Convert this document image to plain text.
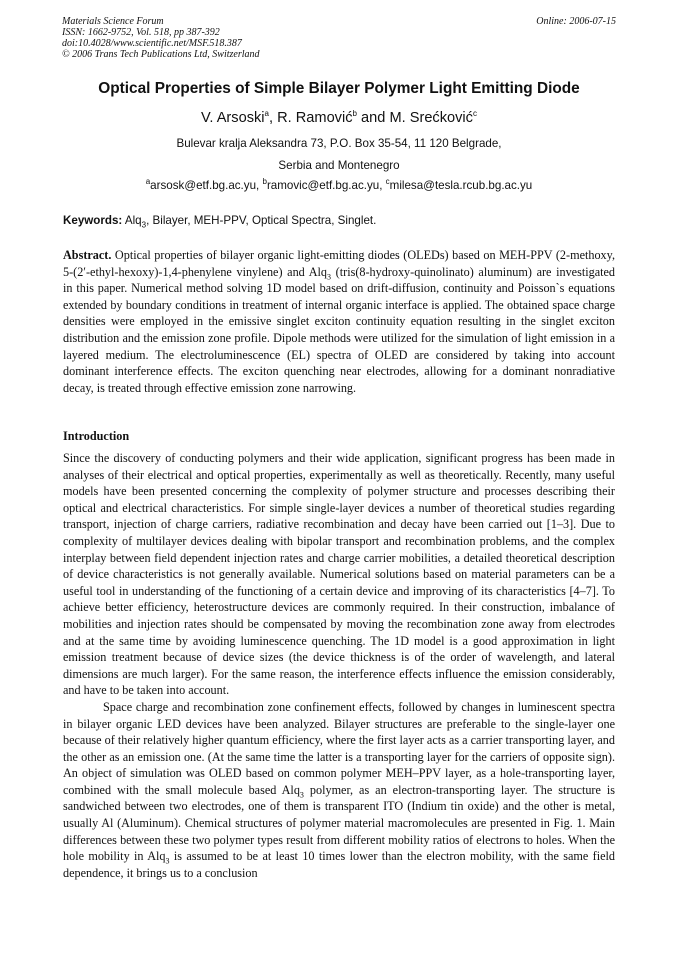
Materials Science Forum
ISSN: 1662-9752, Vol. 518, pp 387-392
doi:10.4028/www.scientific.net/MSF.518.387
© 2006 Trans Tech Publications Ltd, Switzerland
Online: 2006-07-15
Optical Properties of Simple Bilayer Polymer Light Emitting Diode
V. Arsoski$^a$, R. Ramović$^b$ and M. Srećković$^c$
Bulevar kralja Aleksandra 73, P.O. Box 35-54, 11 120 Belgrade,
Serbia and Montenegro
$^a$arsosk@etf.bg.ac.yu, $^b$ramovic@etf.bg.ac.yu, $^c$milesa@tesla.rcub.bg.ac.yu
Keywords: Alq$_3$, Bilayer, MEH-PPV, Optical Spectra, Singlet.
Abstract. Optical properties of bilayer organic light-emitting diodes (OLEDs) based on MEH-PPV (2-methoxy, 5-(2′-ethyl-hexoxy)-1,4-phenylene vinylene) and Alq$_3$ (tris(8-hydroxy-quinolinato) aluminum) are investigated in this paper. Numerical method solving 1D model based on drift-diffusion, continuity and Poisson`s equations extended by boundary conditions in treatment of internal organic interface is applied. The obtained space charge densities were employed in the emissive singlet exciton continuity equation resulting in the singlet exciton distribution and the emission zone profile. Dipole methods were utilized for the simulation of light emission in a layered medium. The electroluminescence (EL) spectra of OLED are considered by taking into account dominant interference effects. The exciton quenching near electrodes, allowing for a dominant nonradiative decay, is treated through effective emission zone narrowing.
Introduction

Since the discovery of conducting polymers and their wide application, significant progress has been made in analyses of their electrical and optical properties, experimentally as well as theoretically. Recently, many useful models have been presented concerning the complexity of polymer structure and processes describing their optical and electrical characteristics. For simple single-layer devices a number of theoretical studies regarding transport, injection of charge carriers, radiative recombination and decay have been carried out [1–3]. Due to complexity of multilayer devices dealing with bipolar transport and recombination problems, and the complex interplay between field dependent injection rates and charge carrier mobilities, a detailed theoretical description of device characteristics is not generally available. Numerical solutions based on material parameters can be a useful tool in understanding of the functioning of a certain device and improving of its characteristics [4–7]. To achieve better efficiency, heterostructure devices are commonly required. In their construction, imbalance of mobilities and injection rates should be compensated by moving the recombination zone away from electrodes and at the same time by avoiding luminescence quenching. The 1D model is a good approximation in light emission treatment because of device sizes (the device thickness is of the order of wavelength, and lateral dimensions are much larger). For the same reason, the interference effects influence the emission considerably, and have to be taken into account.

Space charge and recombination zone confinement effects, followed by changes in luminescent spectra in bilayer organic LED devices have been analyzed. Bilayer structures are preferable to the single-layer one because of their relatively higher quantum efficiency, where the first layer acts as a carrier transporting layer, and the other as an emission one. (At the same time the latter is a transporting layer for the carriers of opposite sign). An object of simulation was OLED based on common polymer MEH–PPV layer, as a hole-transporting layer, combined with the small molecule based Alq$_3$ polymer, as an electron-transporting layer. The structure is sandwiched between two electrodes, one of them is transparent ITO (Indium tin oxide) and the other is metal, usually Al (Aluminum). Chemical structures of polymer material macromolecules are presented in Fig. 1. Main differences between these two polymer types result from different mobility ratios of electrons to holes. When the hole mobility in Alq$_3$ is assumed to be at least 10 times lower than the electron mobility, with the same field dependence, it brings us to a conclusion
